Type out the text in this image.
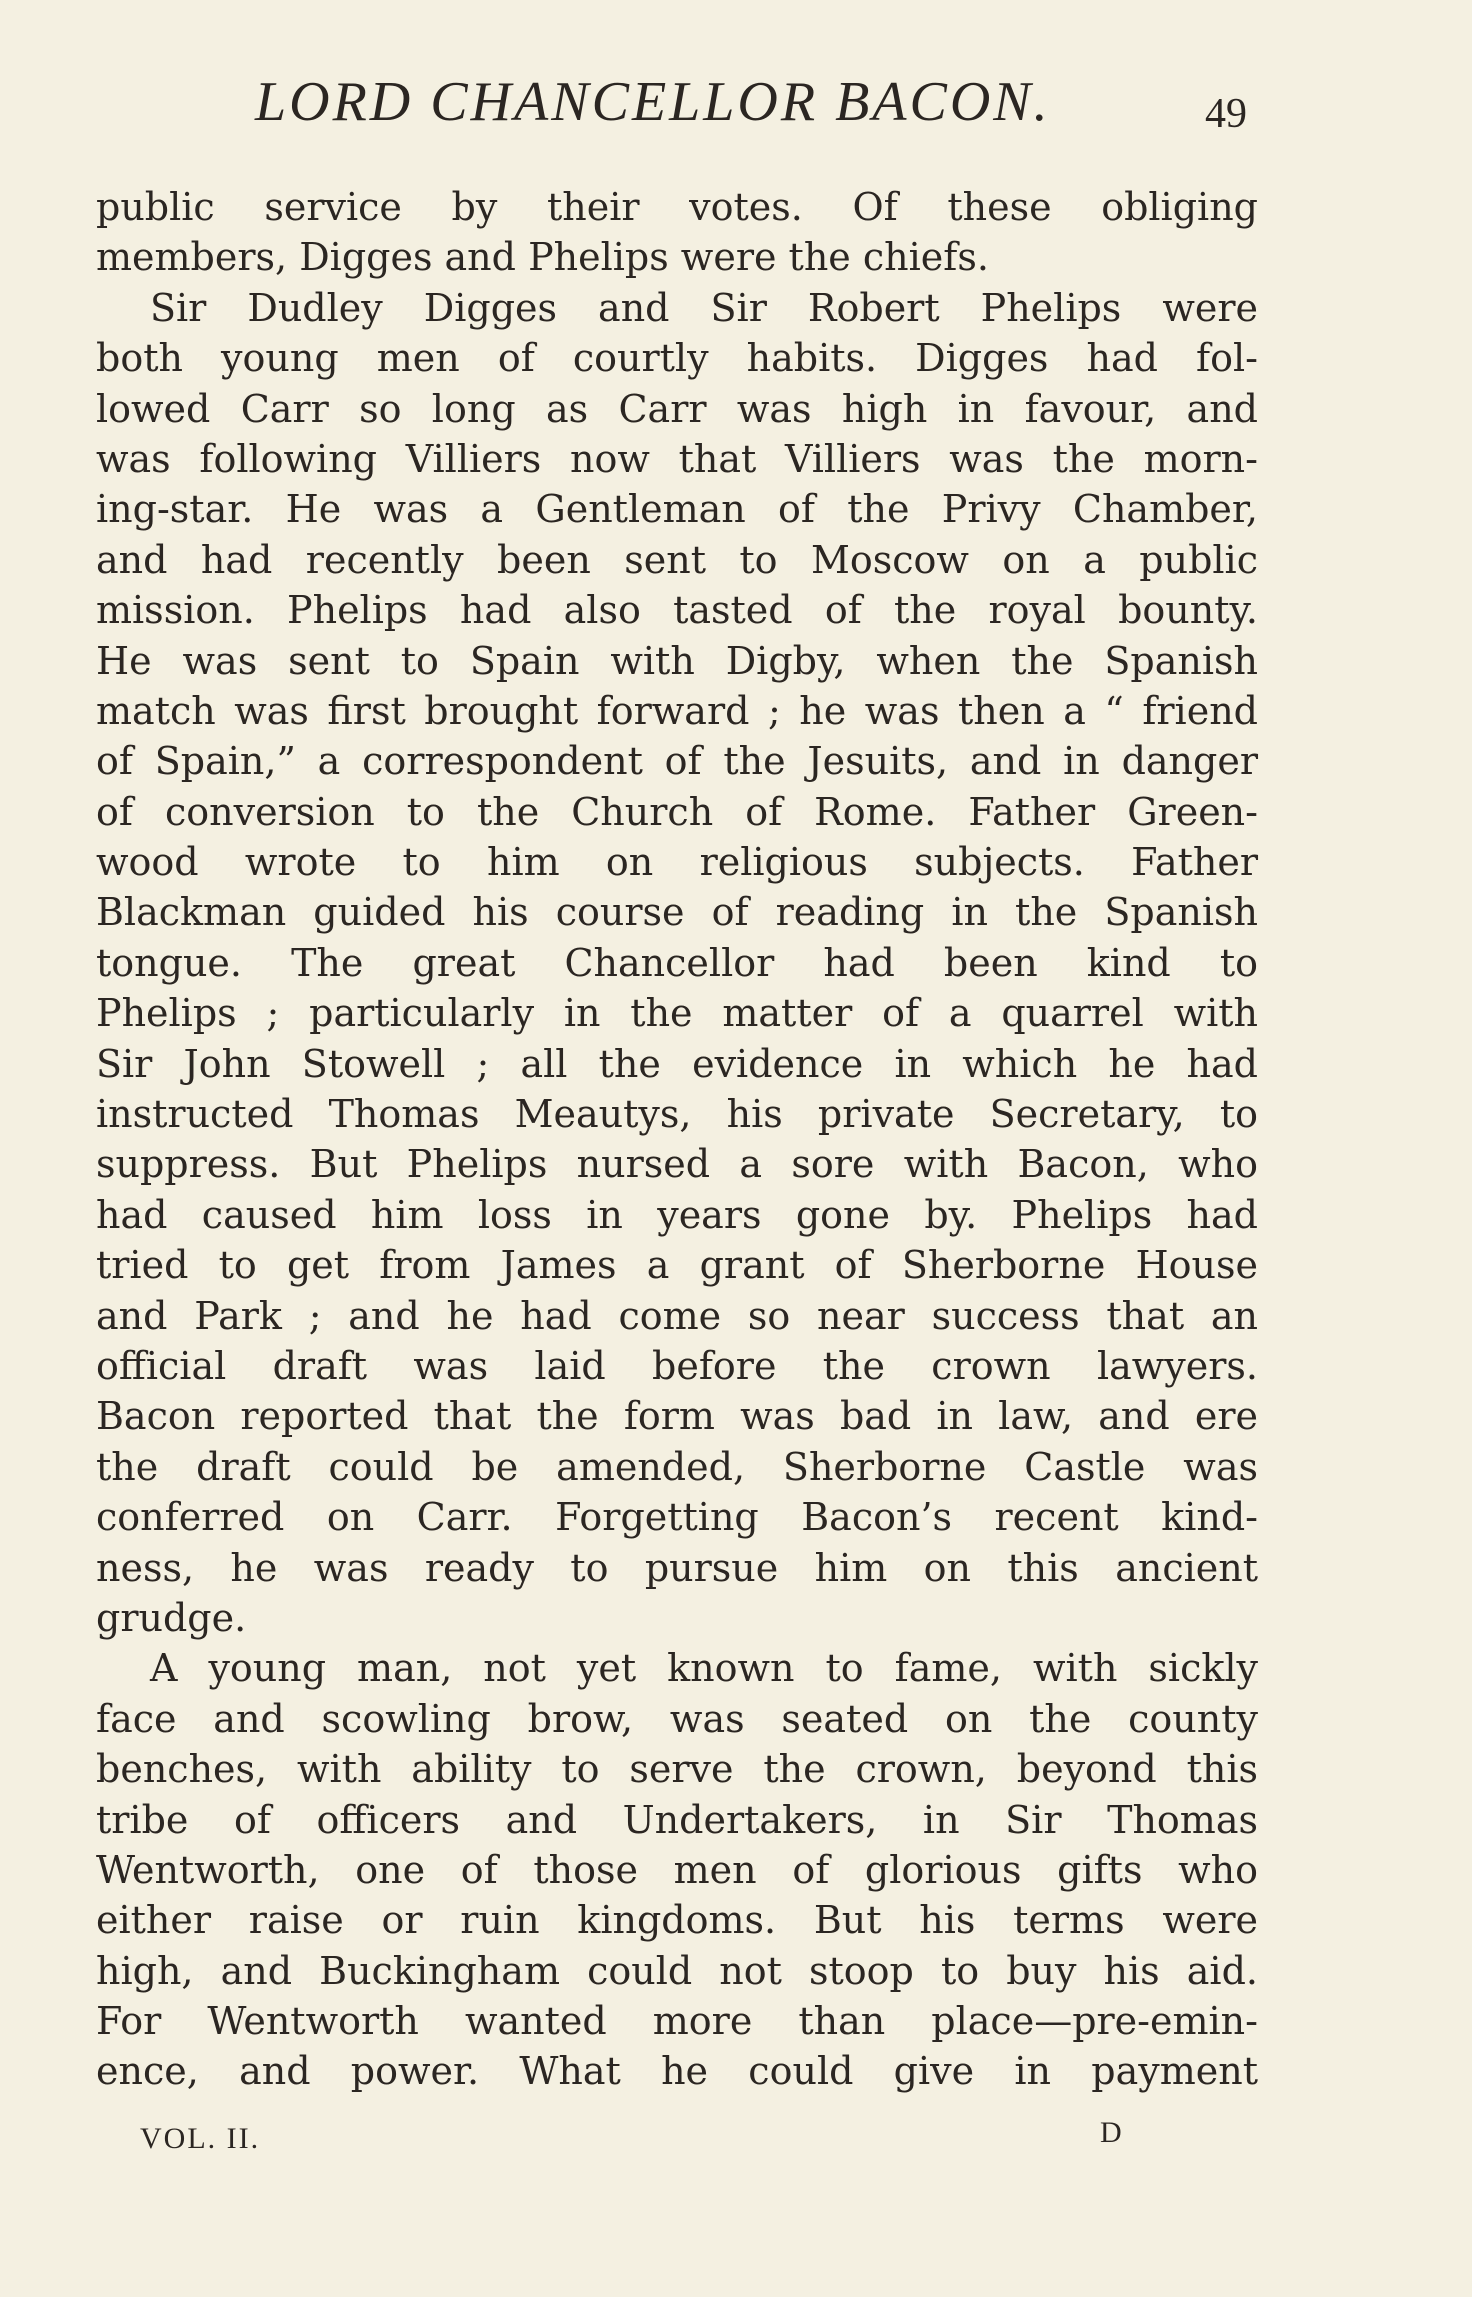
LORD CHANCELLOR BACON.	49
public service by their votes. Of these obliging
members, Digges and Phelips were the chiefs.
Sir Dudley Digges and Sir Robert Phelips were
both young men of courtly habits. Digges had fol-
lowed Carr so long as Carr was high in favour, and
was following Villiers now that Villiers was the morn-
ing-star. He was a Gentleman of the Privy Chamber,
and had recently been sent to Moscow on a public
mission. Phelips had also tasted of the royal bounty.
He was sent to Spain with Digby, when the Spanish
match was first brought forward ; he was then a “ friend
of Spain,” a correspondent of the Jesuits, and in danger
of conversion to the Church of Rome. Father Green-
wood wrote to him on religious subjects. Father
Blackman guided his course of reading in the Spanish
tongue. The great Chancellor had been kind to
Phelips ; particularly in the matter of a quarrel with
Sir John Stowell ; all the evidence in which he had
instructed Thomas Meautys, his private Secretary, to
suppress. But Phelips nursed a sore with Bacon, who
had caused him loss in years gone by. Phelips had
tried to get from James a grant of Sherborne House
and Park ; and he had come so near success that an
official draft was laid before the crown lawyers.
Bacon reported that the form was bad in law, and ere
the draft could be amended, Sherborne Castle was
conferred on Carr. Forgetting Bacon’s recent kind-
ness, he was ready to pursue him on this ancient
grudge.
A young man, not yet known to fame, with sickly
face and scowling brow, was seated on the county
benches, with ability to serve the crown, beyond this
tribe of officers and Undertakers, in Sir Thomas
Wentworth, one of those men of glorious gifts who
either raise or ruin kingdoms. But his terms were
high, and Buckingham could not stoop to buy his aid.
For Wentworth wanted more than place—pre-emin-
ence, and power. What he could give in payment
VOL. II.	D
